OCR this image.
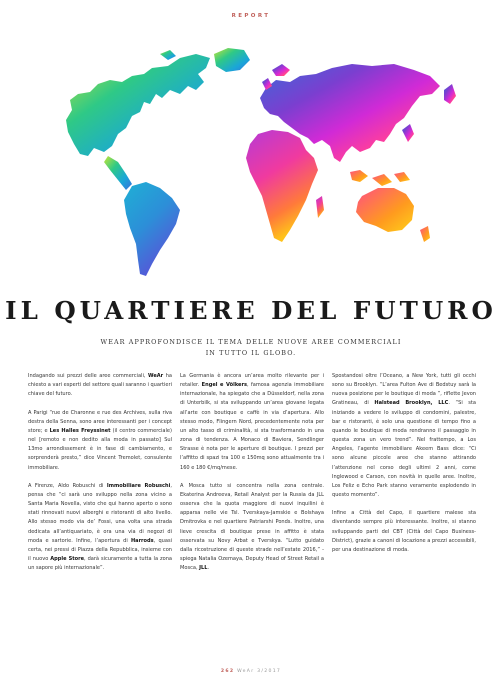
REPORT
IL QUARTIERE DEL FUTURO
WEAR APPROFONDISCE IL TEMA DELLE NUOVE AREE COMMERCIALI
IN TUTTO IL GLOBO.

Indagando sui prezzi delle aree commerciali, WeAr ha chiesto a vari esperti del settore quali saranno i quartieri chiave del futuro.

A Parigi “rue de Charonne e rue des Archives, sulla riva destra della Senna, sono aree interessanti per i concept store; e Les Halles Freyssinet (il centro commerciale) nel [remoto e non dedito alla moda in passato] Sul 13mo arrondissement è in fase di cambiamento, e sorprenderà presto,” dice Vincent Tremolet, consulente immobiliare.

A Firenze, Aldo Robuschi di Immobiliare Robuschi, pensa che “ci sarà uno sviluppo nella zona vicino a Santa Maria Novella, visto che qui hanno aperto o sono stati rinnovati nuovi alberghi e ristoranti di alto livello. Allo stesso modo via de’ Fossi, una volta una strada dedicata all’antiquariato, è ora una via di negozi di moda e sartorie. Infine, l’apertura di Harrods, quasi certa, nei pressi di Piazza della Repubblica, insieme con il nuovo Apple Store, darà sicuramente a tutta la zona un sapore più internazionale”.

La Germania è ancora un’area molto rilevante per i retailer. Engel e Völkers, famosa agenzia immobiliare internazionale, ha spiegato che a Düsseldorf, nella zona di Unterbilk, si sta sviluppando un’area giovane legata all’arte con boutique e caffè in via d’apertura. Allo stesso modo, Flingern Nord, precedentemente nota per un alto tasso di criminalità, si sta trasformando in una zona di tendenza. A Monaco di Baviera, Sendlinger Strasse è nota per le aperture di boutique. I prezzi per l’affitto di spazi tra 100 e 150mq sono attualmente tra i 160 e 180 €/mq/mese.

A Mosca tutto si concentra nella zona centrale. Ekaterina Andreeva, Retail Analyst per la Russia da JLL osserva che la quota maggiore di nuovi inquilini è apparsa nelle vie Tsl. Tverskaya-Jamskie e Bolshaya Dmitrovka e nel quartiere Patriarshi Ponds. Inoltre, una lieve crescita di boutique prese in affitto è stata osservata su Novy Arbat e Tverskya. “Lutto guidato dalla ricostruzione di queste strade nell’estate 2016,” - spiega Natalia Ozemaya, Deputy Head of Street Retail a Mosca, JLL.

Spostandosi oltre l’Oceano, a New York, tutti gli occhi sono su Brooklyn. “L’area Fulton Ave di Bedstuy sarà la nuova posizione per le boutique di moda ”, riflette Jevon Gratineau, di Halstead Brooklyn, LLC. “Si sta iniziando a vedere lo sviluppo di condomini, palestre, bar e ristoranti, è solo una questione di tempo fino a quando le boutique di moda rendranno il passaggio in questa zona un vero trend”. Nel frattempo, a Los Angeles, l’agente immobiliare Akeem Bass dice: “Ci sono alcune piccole aree che stanno attirando l’attenzione nel corso degli ultimi 2 anni, come Inglewood e Carson, con novità in quelle aree. Inoltre, Los Feliz e Echo Park stanno veramente esplodendo in questo momento”.

Infine a Città del Capo, il quartiere malese sta diventando sempre più interessante. Inoltre, si stanno sviluppando parti del CBT (Città del Capo Business-District), grazie a canoni di locazione a prezzi accessibili, per una destinazione di moda.

262 WeAr 3/2017
